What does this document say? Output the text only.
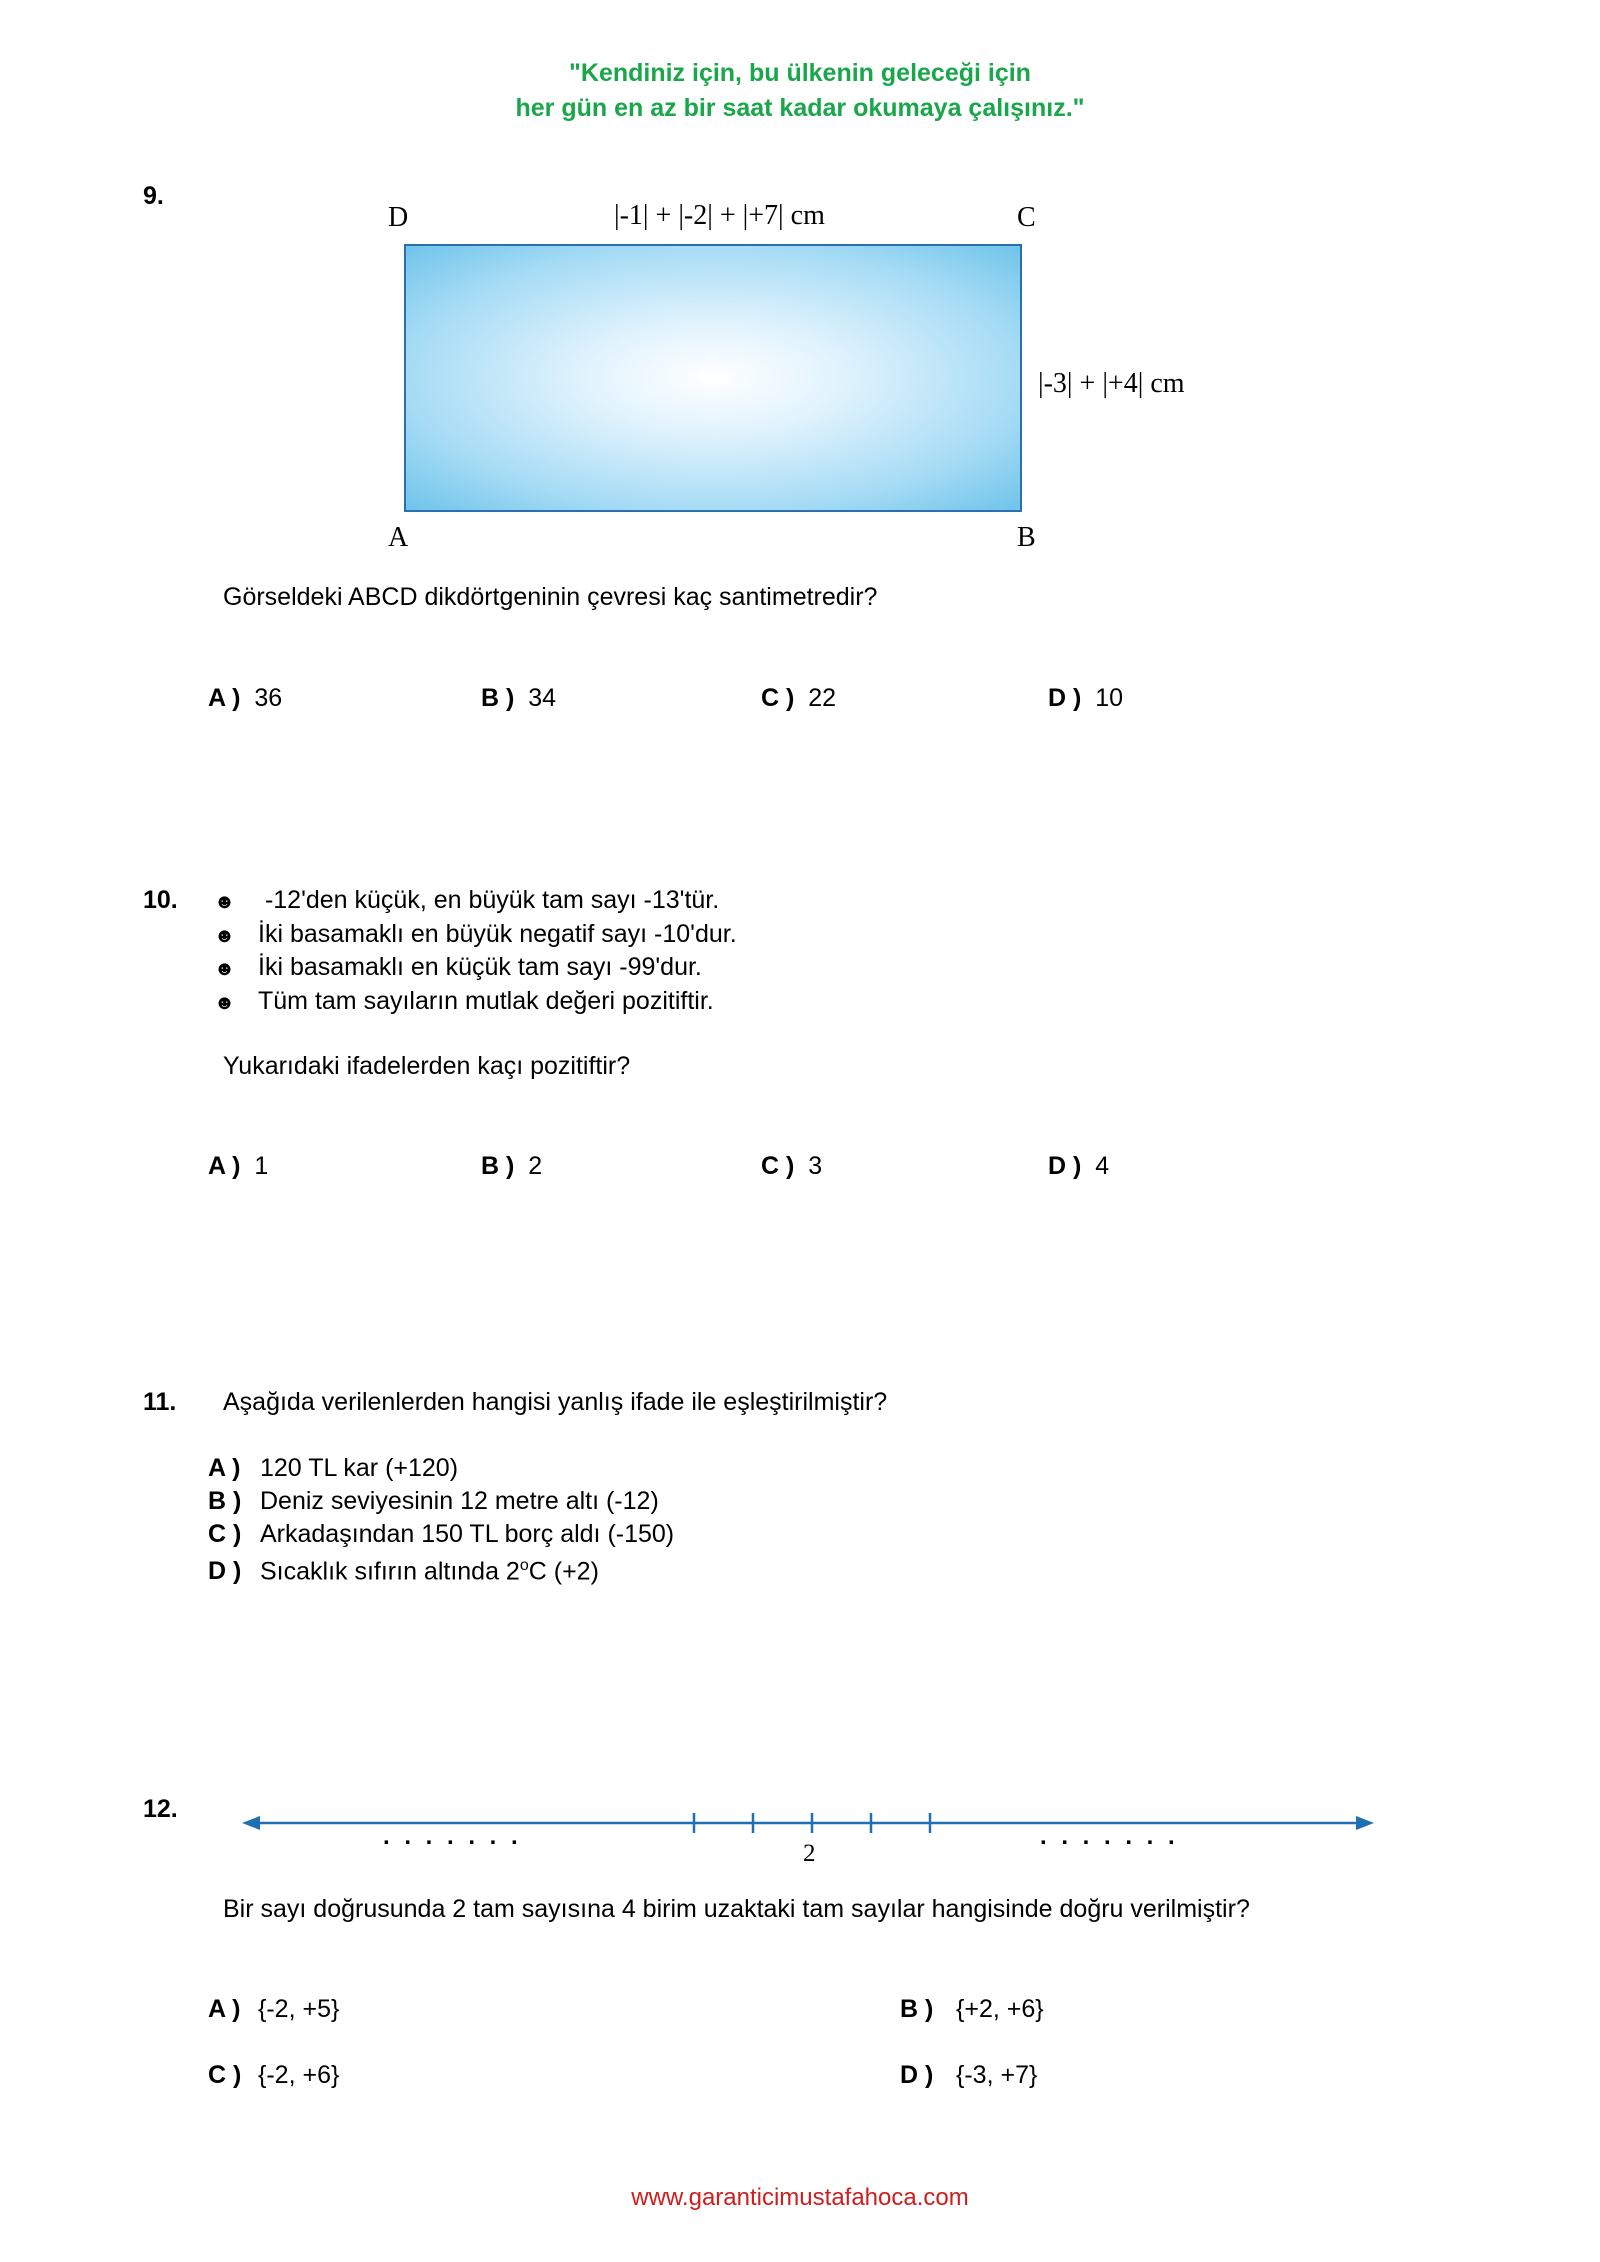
"Kendiniz için, bu ülkenin geleceği için
her gün en az bir saat kadar okumaya çalışınız."
9.
D	C
|-1| + |-2| + |+7| cm
|-3| + |+4| cm
A	B
Görseldeki ABCD dikdörtgeninin çevresi kaç santimetredir?
A ) 36	B ) 34	C ) 22	D ) 10
10. ☻ -12'den küçük, en büyük tam sayı -13'tür.
☻ İki basamaklı en büyük negatif sayı -10'dur.
☻ İki basamaklı en küçük tam sayı -99'dur.
☻ Tüm tam sayıların mutlak değeri pozitiftir.
Yukarıdaki ifadelerden kaçı pozitiftir?
A ) 1	B ) 2	C ) 3	D ) 4
11. Aşağıda verilenlerden hangisi yanlış ifade ile eşleştirilmiştir?
A ) 120 TL kar (+120)
B ) Deniz seviyesinin 12 metre altı (-12)
C ) Arkadaşından 150 TL borç aldı (-150)
D ) Sıcaklık sıfırın altında 2$^o$C (+2)
12.
. . . . . . .	. . . . . . .
2
Bir sayı doğrusunda 2 tam sayısına 4 birim uzaktaki tam sayılar hangisinde doğru verilmiştir?
A ) {-2, +5}	B ) {+2, +6}
C ) {-2, +6}	D ) {-3, +7}
www.garanticimustafahoca.com
